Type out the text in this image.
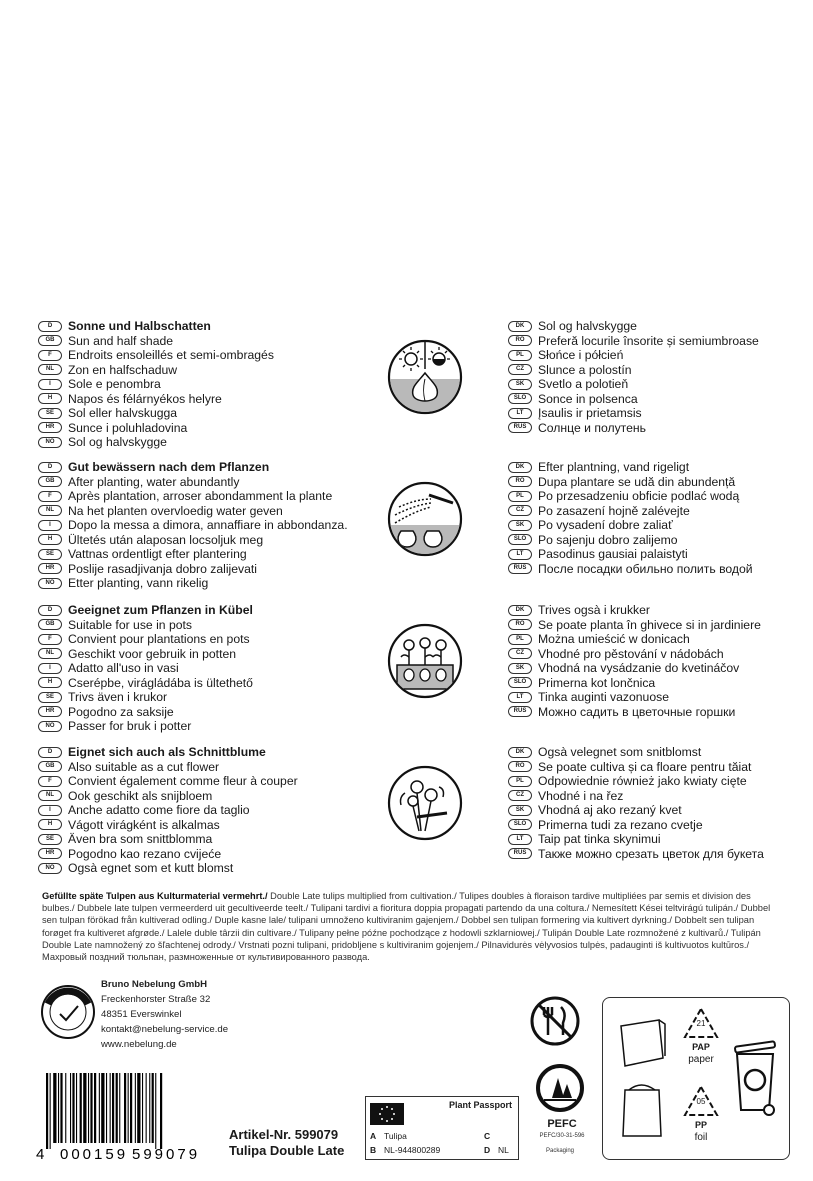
D	Sonne und Halbschatten
GB	Sun and half shade
F	Endroits ensoleillés et semi-ombragés
NL	Zon en halfschaduw
I	Sole e penombra
H	Napos és félárnyékos helyre
SE	Sol eller halvskugga
HR	Sunce i poluhladovina
NO	Sol og halvskygge
DK	Sol og halvskygge
RO	Preferă locurile însorite și semiumbroase
PL	Słońce i półcień
CZ	Slunce a polostín
SK	Svetlo a polotieň
SLO Sonce in polsenca
LT	Įsaulis ir prietamsis
RUS Солнце и полутень
D	Gut bewässern nach dem Pflanzen
GB	After planting, water abundantly
F	Après plantation, arroser abondamment la plante
NL	Na het planten overvloedig water geven
I	Dopo la messa a dimora, annaffiare in abbondanza.
H	Ültetés után alaposan locsoljuk meg
SE	Vattnas ordentligt efter plantering
HR	Poslije rasadjivanja dobro zalijevati
NO	Etter planting, vann rikelig
DK	Efter plantning, vand rigeligt
RO	Dupa plantare se udă din abundență
PL	Po przesadzeniu obficie podlać wodą
CZ	Po zasazení hojně zalévejte
SK	Po vysadení dobre zaliať
SLO Po sajenju dobro zalijemo
LT	Pasodinus gausiai palaistyti
RUS После посадки обильно полить водой
D	Geeignet zum Pflanzen in Kübel
GB	Suitable for use in pots
F	Convient pour plantations en pots
NL	Geschikt voor gebruik in potten
I	Adatto all'uso in vasi
H	Cserépbe, virágládába is ültethető
SE	Trivs även i krukor
HR	Pogodno za saksije
NO	Passer for bruk i potter
DK	Trives ogsà i krukker
RO	Se poate planta în ghivece si in jardiniere
PL	Można umieścić w donicach
CZ	Vhodné pro pěstování v nádobách
SK	Vhodná na vysádzanie do kvetináčov
SLO Primerna kot lončnica
LT	Tinka auginti vazonuose
RUS Можно садить в цветочные горшки
D	Eignet sich auch als Schnittblume
GB	Also suitable as a cut flower
F	Convient également comme fleur à couper
NL	Ook geschikt als snijbloem
I	Anche adatto come fiore da taglio
H	Vágott virágként is alkalmas
SE	Även bra som snittblomma
HR	Pogodno kao rezano cvijeće
NO	Ogsà egnet som et kutt blomst
DK	Ogsà velegnet som snitblomst
RO	Se poate cultiva și ca floare pentru tăiat
PL	Odpowiednie również jako kwiaty cięte
CZ	Vhodné i na řez
SK	Vhodná aj ako rezaný kvet
SLO Primerna tudi za rezano cvetje
LT	Taip pat tinka skynimui
RUS Также можно срезать цветок для букета
Gefüllte späte Tulpen aus Kulturmaterial vermehrt./ Double Late tulips multiplied from cultivation./ Tulipes doubles à floraison tardive multipliées par semis et division des bulbes./ Dubbele late tulpen vermeerderd uit gecultiveerde teelt./ Tulipani tardivi a fioritura doppia propagati partendo da una coltura./ Nemesített Kései teltvirágú tulipán./ Dubbel sen tulpan förökad från kultiverad odling./ Duple kasne lale/ tulipani umnoženo kultiviranim gajenjem./ Dobbel sen tulipan formering via kultivert dyrkning./ Dobbelt sen tulipan forøget fra kultiveret afgrøde./ Lalele duble târzii din cultivare./ Tulipany pełne późne pochodzące z hodowli szklarniowej./ Tulipán Double Late rozmnožené z kultivarů./ Tulipán Double Late namnožený zo šľachtenej odrody./ Vrstnati pozni tulipani, pridobljene s kultiviranim gojenjem./ Pilnavidurės vėlyvosios tulpės, padauginti iš kultivuotos kultūros./ Махровый поздний тюльпан, размноженные от культивированного развода.
Bruno Nebelung GmbH
Freckenhorster Straße 32
48351 Everswinkel
kontakt@nebelung-service.de
www.nebelung.de
4 000159 599079
Artikel-Nr. 599079
Tulipa Double Late
Plant Passport
A Tulipa
B NL-944800289
C
D NL
PEFC
PEFC/30-31-596
Packaging
21
PAP
paper
05
PP
foil
